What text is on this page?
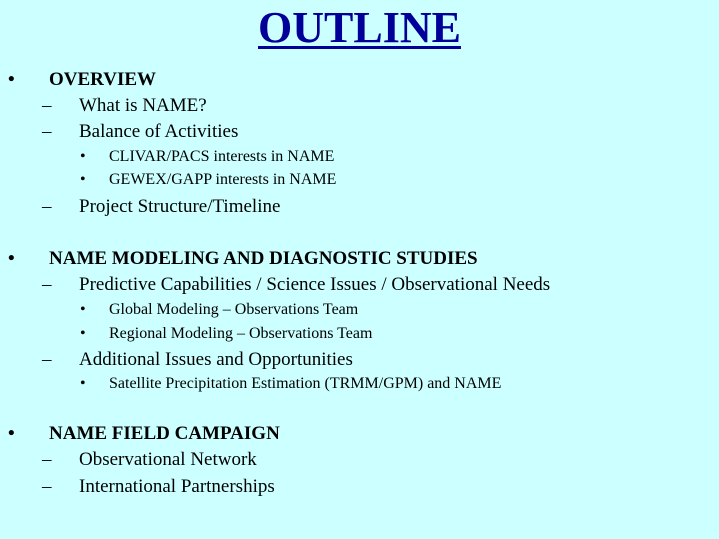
OUTLINE
• OVERVIEW
– What is NAME?
– Balance of Activities
• CLIVAR/PACS interests in NAME
• GEWEX/GAPP interests in NAME
– Project Structure/Timeline
• NAME MODELING AND DIAGNOSTIC STUDIES
– Predictive Capabilities / Science Issues / Observational Needs
• Global Modeling – Observations Team
• Regional Modeling – Observations Team
– Additional Issues and Opportunities
• Satellite Precipitation Estimation (TRMM/GPM) and NAME
• NAME FIELD CAMPAIGN
– Observational Network
– International Partnerships
